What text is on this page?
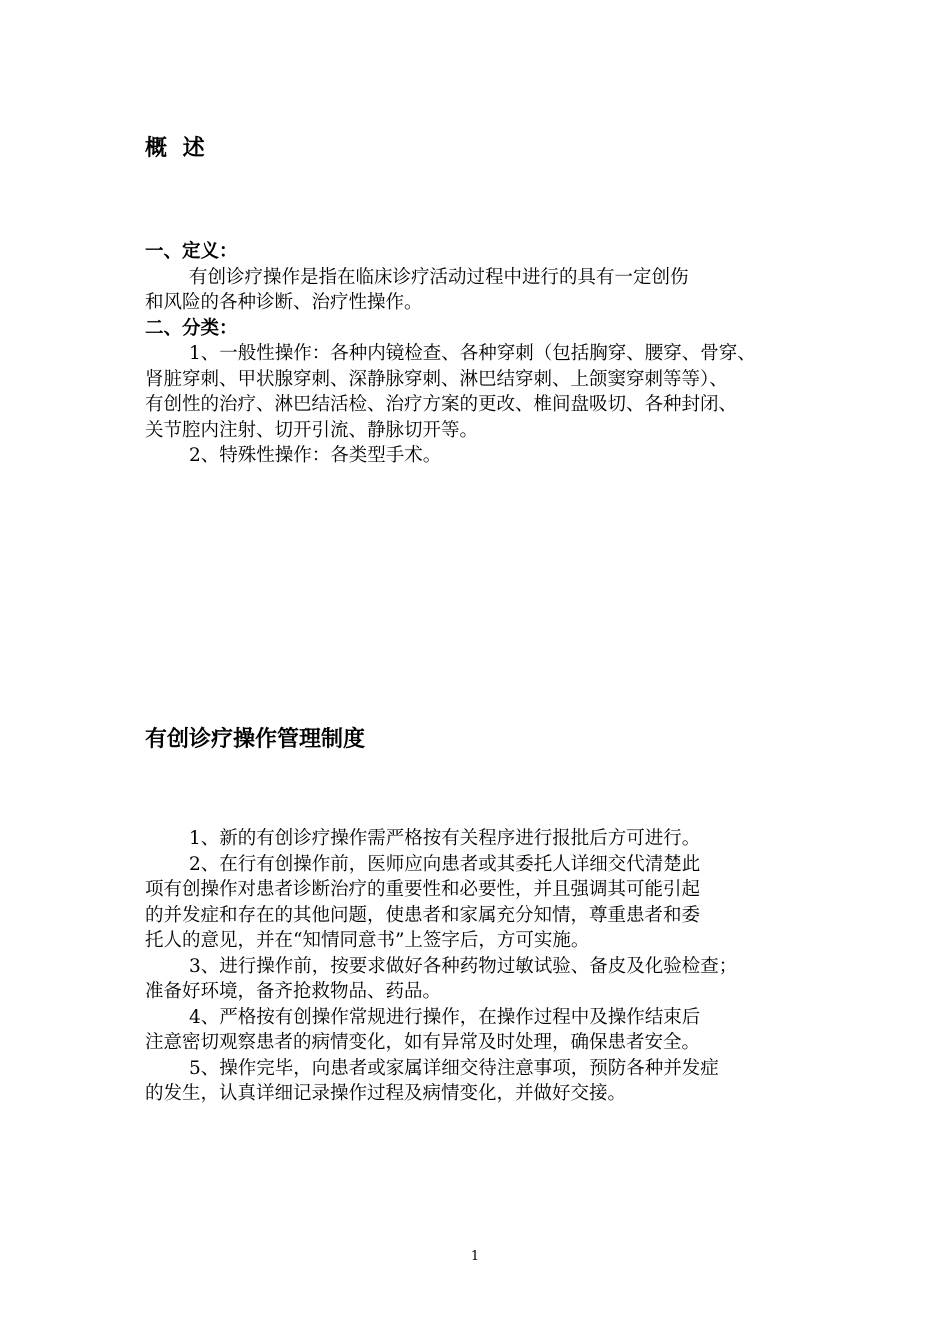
概 述
一、定义：
有创诊疗操作是指在临床诊疗活动过程中进行的具有一定创伤
和风险的各种诊断、治疗性操作。
二、分类：
1、一般性操作：各种内镜检查、各种穿刺（包括胸穿、腰穿、骨穿、
肾脏穿刺、甲状腺穿刺、深静脉穿刺、淋巴结穿刺、上颌窦穿刺等等）、
有创性的治疗、淋巴结活检、治疗方案的更改、椎间盘吸切、各种封闭、
关节腔内注射、切开引流、静脉切开等。
2、特殊性操作：各类型手术。
有创诊疗操作管理制度
1、新的有创诊疗操作需严格按有关程序进行报批后方可进行。
2、在行有创操作前，医师应向患者或其委托人详细交代清楚此
项有创操作对患者诊断治疗的重要性和必要性，并且强调其可能引起
的并发症和存在的其他问题，使患者和家属充分知情，尊重患者和委
托人的意见，并在“知情同意书”上签字后，方可实施。
3、进行操作前，按要求做好各种药物过敏试验、备皮及化验检查；
准备好环境，备齐抢救物品、药品。
4、严格按有创操作常规进行操作，在操作过程中及操作结束后
注意密切观察患者的病情变化，如有异常及时处理，确保患者安全。
5、操作完毕，向患者或家属详细交待注意事项，预防各种并发症
的发生，认真详细记录操作过程及病情变化，并做好交接。
1
